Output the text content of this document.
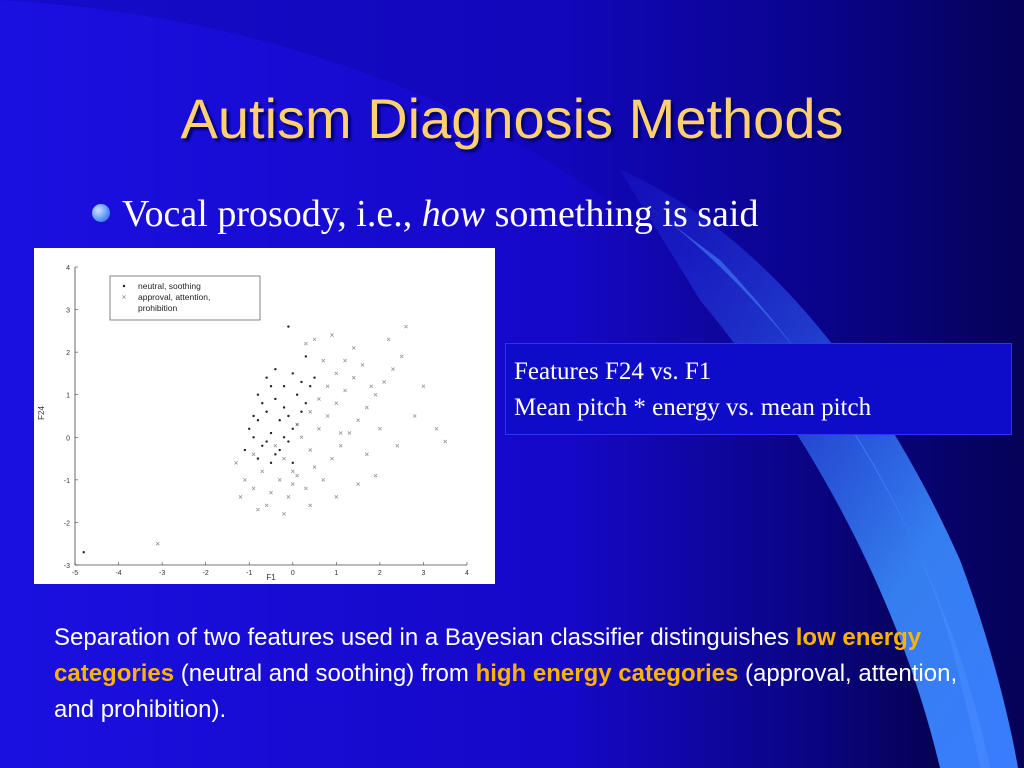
Autism Diagnosis Methods
Vocal prosody, i.e., how something is said
-5	-4	-3	-2	-1	0	1	2	3	4
4
3
2
1
0
-1
-2
-3
neutral, soothing
approval, attention,
prohibition
F1
F24
Features F24 vs. F1
Mean pitch * energy vs. mean pitch
Separation of two features used in a Bayesian classifier distinguishes low energy categories (neutral and soothing) from high energy categories (approval, attention, and prohibition).
